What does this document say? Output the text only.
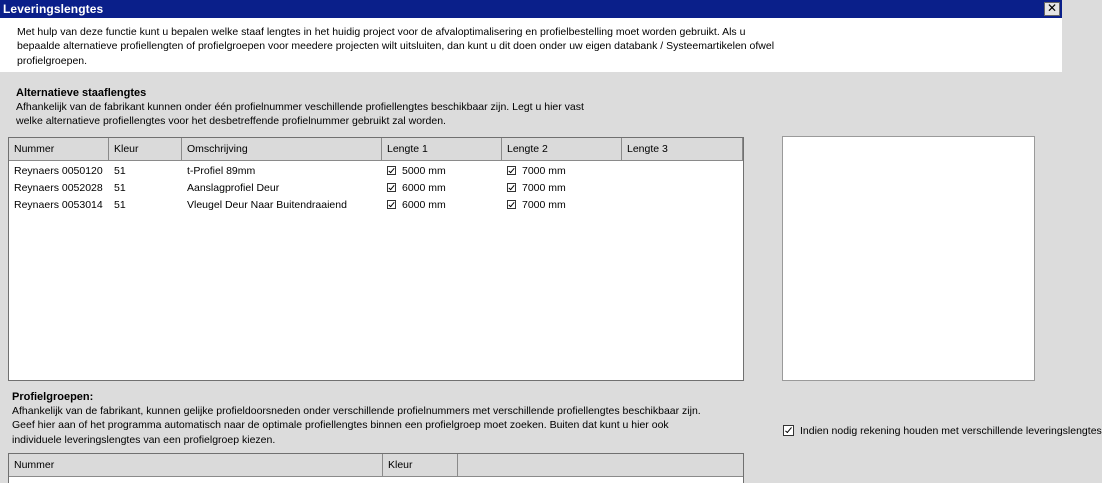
Leveringslengtes	✕

Met hulp van deze functie kunt u bepalen welke staaf lengtes in het huidig project voor de afvaloptimalisering en profielbestelling moet worden gebruikt. Als u bepaalde alternatieve profiellengten of profielgroepen voor meedere projecten wilt uitsluiten, dan kunt u dit doen onder uw eigen databank / Systeemartikelen ofwel profielgroepen.

Alternatieve staaflengtes

Afhankelijk van de fabrikant kunnen onder één profielnummer veschillende profiellengtes beschikbaar zijn. Legt u hier vast welke alternatieve profiellengtes voor het desbetreffende profielnummer gebruikt zal worden.

Nummer	Kleur	Omschrijving	Lengte 1	Lengte 2	Lengte 3
Reynaers 0050120	51	t-Profiel 89mm	5000 mm	7000 mm
Reynaers 0052028	51	Aanslagprofiel Deur	6000 mm	7000 mm
Reynaers 0053014	51	Vleugel Deur Naar Buitendraaiend	6000 mm	7000 mm
Profielgroepen:

Afhankelijk van de fabrikant, kunnen gelijke profieldoorsneden onder verschillende profielnummers met verschillende profiellengtes beschikbaar zijn. Geef hier aan of het programma automatisch naar de optimale profiellengtes binnen een profielgroep moet zoeken. Buiten dat kunt u hier ook individuele leveringslengtes van een profielgroep kiezen.

Nummer	Kleur
Indien nodig rekening houden met verschillende leveringslengtes
